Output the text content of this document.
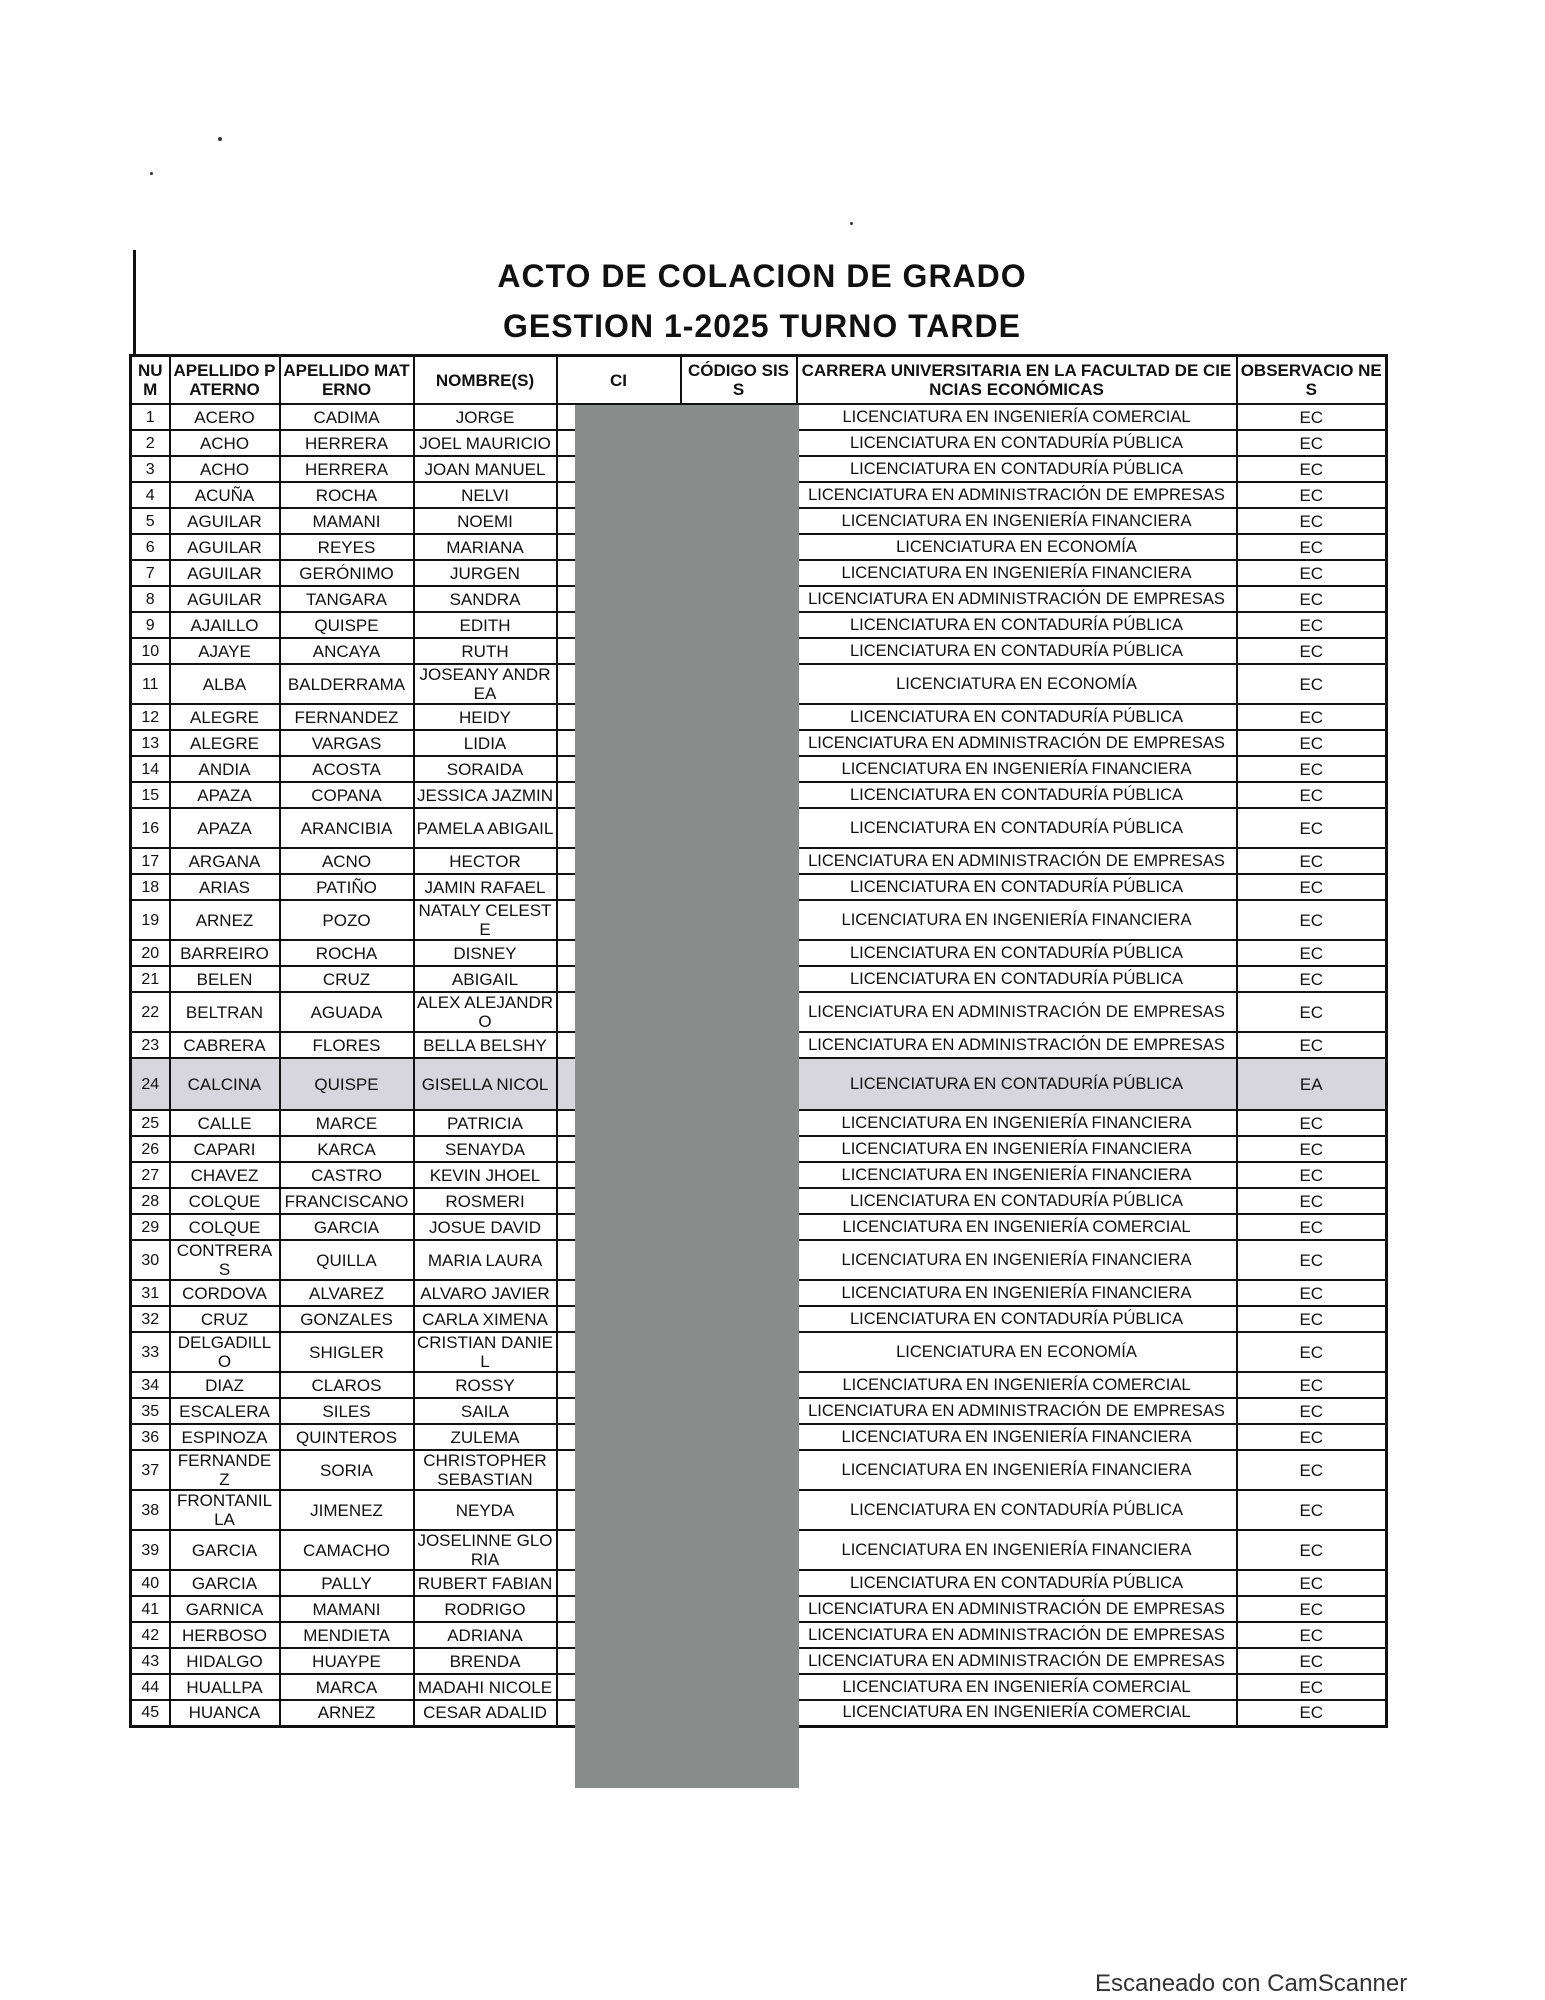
ACTO DE COLACION DE GRADO
GESTION 1-2025 TURNO TARDE
NU M	APELLIDO PATERNO	APELLIDO MATERNO	NOMBRE(S)	CI	CÓDIGO SISS	CARRERA UNIVERSITARIA EN LA FACULTAD DE CIENCIAS ECONÓMICAS	OBSERVACIO NES
1	ACERO	CADIMA	JORGE			LICENCIATURA EN INGENIERÍA COMERCIAL	EC
2	ACHO	HERRERA	JOEL MAURICIO			LICENCIATURA EN CONTADURÍA PÚBLICA	EC
3	ACHO	HERRERA	JOAN MANUEL			LICENCIATURA EN CONTADURÍA PÚBLICA	EC
4	ACUÑA	ROCHA	NELVI			LICENCIATURA EN ADMINISTRACIÓN DE EMPRESAS	EC
5	AGUILAR	MAMANI	NOEMI			LICENCIATURA EN INGENIERÍA FINANCIERA	EC
6	AGUILAR	REYES	MARIANA			LICENCIATURA EN ECONOMÍA	EC
7	AGUILAR	GERÓNIMO	JURGEN			LICENCIATURA EN INGENIERÍA FINANCIERA	EC
8	AGUILAR	TANGARA	SANDRA			LICENCIATURA EN ADMINISTRACIÓN DE EMPRESAS	EC
9	AJAILLO	QUISPE	EDITH			LICENCIATURA EN CONTADURÍA PÚBLICA	EC
10	AJAYE	ANCAYA	RUTH			LICENCIATURA EN CONTADURÍA PÚBLICA	EC
11	ALBA	BALDERRAMA	JOSEANY ANDREA			LICENCIATURA EN ECONOMÍA	EC
12	ALEGRE	FERNANDEZ	HEIDY			LICENCIATURA EN CONTADURÍA PÚBLICA	EC
13	ALEGRE	VARGAS	LIDIA			LICENCIATURA EN ADMINISTRACIÓN DE EMPRESAS	EC
14	ANDIA	ACOSTA	SORAIDA			LICENCIATURA EN INGENIERÍA FINANCIERA	EC
15	APAZA	COPANA	JESSICA JAZMIN			LICENCIATURA EN CONTADURÍA PÚBLICA	EC
16	APAZA	ARANCIBIA	PAMELA ABIGAIL			LICENCIATURA EN CONTADURÍA PÚBLICA	EC
17	ARGANA	ACNO	HECTOR			LICENCIATURA EN ADMINISTRACIÓN DE EMPRESAS	EC
18	ARIAS	PATIÑO	JAMIN RAFAEL			LICENCIATURA EN CONTADURÍA PÚBLICA	EC
19	ARNEZ	POZO	NATALY CELESTE			LICENCIATURA EN INGENIERÍA FINANCIERA	EC
20	BARREIRO	ROCHA	DISNEY			LICENCIATURA EN CONTADURÍA PÚBLICA	EC
21	BELEN	CRUZ	ABIGAIL			LICENCIATURA EN CONTADURÍA PÚBLICA	EC
22	BELTRAN	AGUADA	ALEX ALEJANDRO			LICENCIATURA EN ADMINISTRACIÓN DE EMPRESAS	EC
23	CABRERA	FLORES	BELLA BELSHY			LICENCIATURA EN ADMINISTRACIÓN DE EMPRESAS	EC
24	CALCINA	QUISPE	GISELLA NICOL			LICENCIATURA EN CONTADURÍA PÚBLICA	EA
25	CALLE	MARCE	PATRICIA			LICENCIATURA EN INGENIERÍA FINANCIERA	EC
26	CAPARI	KARCA	SENAYDA			LICENCIATURA EN INGENIERÍA FINANCIERA	EC
27	CHAVEZ	CASTRO	KEVIN JHOEL			LICENCIATURA EN INGENIERÍA FINANCIERA	EC
28	COLQUE	FRANCISCANO	ROSMERI			LICENCIATURA EN CONTADURÍA PÚBLICA	EC
29	COLQUE	GARCIA	JOSUE DAVID			LICENCIATURA EN INGENIERÍA COMERCIAL	EC
30	CONTRERA S	QUILLA	MARIA LAURA			LICENCIATURA EN INGENIERÍA FINANCIERA	EC
31	CORDOVA	ALVAREZ	ALVARO JAVIER			LICENCIATURA EN INGENIERÍA FINANCIERA	EC
32	CRUZ	GONZALES	CARLA XIMENA			LICENCIATURA EN CONTADURÍA PÚBLICA	EC
33	DELGADILL O	SHIGLER	CRISTIAN DANIEL			LICENCIATURA EN ECONOMÍA	EC
34	DIAZ	CLAROS	ROSSY			LICENCIATURA EN INGENIERÍA COMERCIAL	EC
35	ESCALERA	SILES	SAILA			LICENCIATURA EN ADMINISTRACIÓN DE EMPRESAS	EC
36	ESPINOZA	QUINTEROS	ZULEMA			LICENCIATURA EN INGENIERÍA FINANCIERA	EC
37	FERNANDE Z	SORIA	CHRISTOPHER SEBASTIAN			LICENCIATURA EN INGENIERÍA FINANCIERA	EC
38	FRONTANIL LA	JIMENEZ	NEYDA			LICENCIATURA EN CONTADURÍA PÚBLICA	EC
39	GARCIA	CAMACHO	JOSELINNE GLORIA			LICENCIATURA EN INGENIERÍA FINANCIERA	EC
40	GARCIA	PALLY	RUBERT FABIAN			LICENCIATURA EN CONTADURÍA PÚBLICA	EC
41	GARNICA	MAMANI	RODRIGO			LICENCIATURA EN ADMINISTRACIÓN DE EMPRESAS	EC
42	HERBOSO	MENDIETA	ADRIANA			LICENCIATURA EN ADMINISTRACIÓN DE EMPRESAS	EC
43	HIDALGO	HUAYPE	BRENDA			LICENCIATURA EN ADMINISTRACIÓN DE EMPRESAS	EC
44	HUALLPA	MARCA	MADAHI NICOLE			LICENCIATURA EN INGENIERÍA COMERCIAL	EC
45	HUANCA	ARNEZ	CESAR ADALID			LICENCIATURA EN INGENIERÍA COMERCIAL	EC
Escaneado con CamScanner
